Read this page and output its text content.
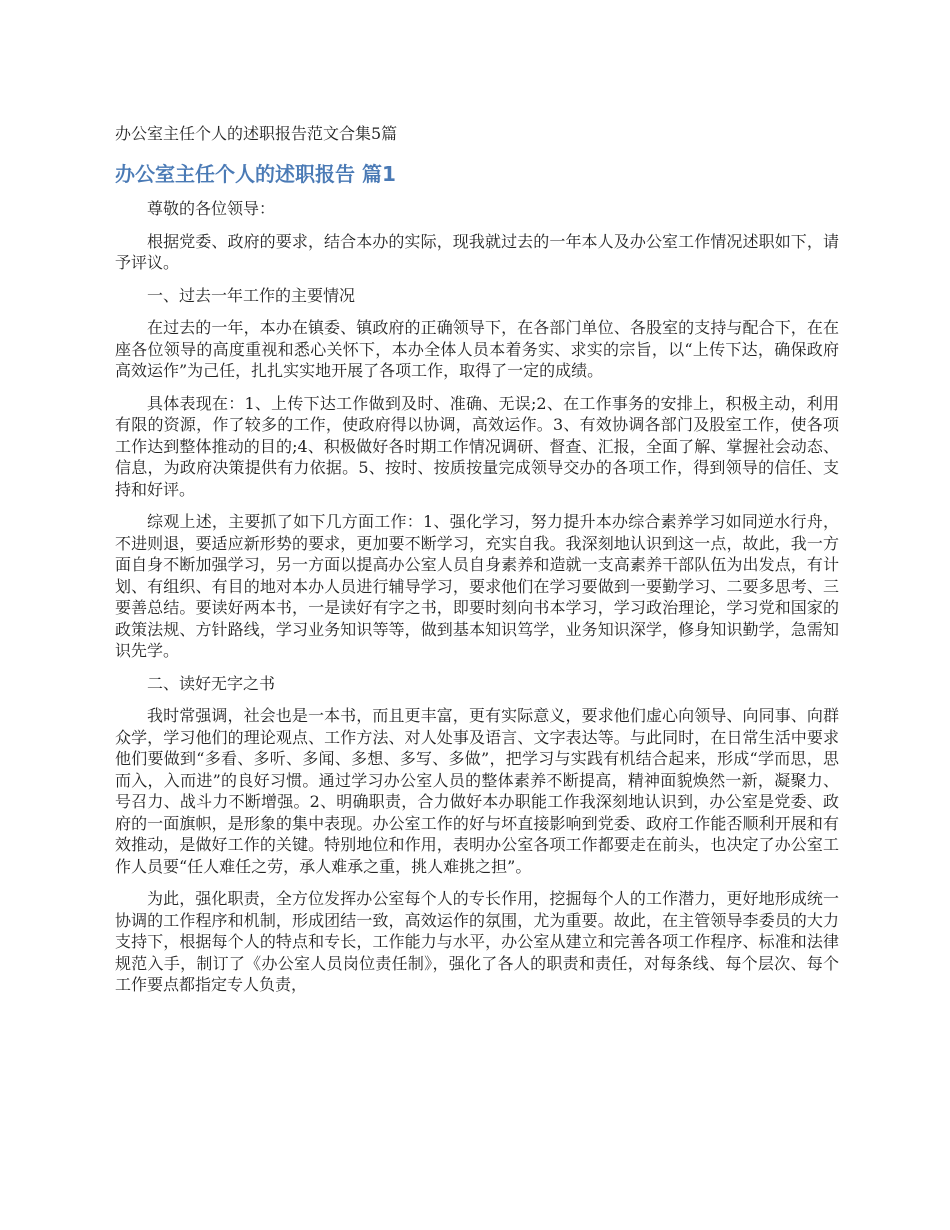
办公室主任个人的述职报告范文合集5篇
办公室主任个人的述职报告 篇1

尊敬的各位领导：

根据党委、政府的要求，结合本办的实际，现我就过去的一年本人及办公室工作情况述职如下，请予评议。

一、过去一年工作的主要情况

在过去的一年，本办在镇委、镇政府的正确领导下，在各部门单位、各股室的支持与配合下，在在座各位领导的高度重视和悉心关怀下，本办全体人员本着务实、求实的宗旨，以“上传下达，确保政府高效运作”为己任，扎扎实实地开展了各项工作，取得了一定的成绩。

具体表现在：1、上传下达工作做到及时、准确、无误;2、在工作事务的安排上，积极主动，利用有限的资源，作了较多的工作，使政府得以协调，高效运作。3、有效协调各部门及股室工作，使各项工作达到整体推动的目的;4、积极做好各时期工作情况调研、督查、汇报，全面了解、掌握社会动态、信息，为政府决策提供有力依据。5、按时、按质按量完成领导交办的各项工作，得到领导的信任、支持和好评。

综观上述，主要抓了如下几方面工作：1、强化学习，努力提升本办综合素养学习如同逆水行舟，不进则退，要适应新形势的要求，更加要不断学习，充实自我。我深刻地认识到这一点，故此，我一方面自身不断加强学习，另一方面以提高办公室人员自身素养和造就一支高素养干部队伍为出发点，有计划、有组织、有目的地对本办人员进行辅导学习，要求他们在学习要做到一要勤学习、二要多思考、三要善总结。要读好两本书，一是读好有字之书，即要时刻向书本学习，学习政治理论，学习党和国家的政策法规、方针路线，学习业务知识等等，做到基本知识笃学，业务知识深学，修身知识勤学，急需知识先学。

二、读好无字之书

我时常强调，社会也是一本书，而且更丰富，更有实际意义，要求他们虚心向领导、向同事、向群众学，学习他们的理论观点、工作方法、对人处事及语言、文字表达等。与此同时，在日常生活中要求他们要做到“多看、多听、多闻、多想、多写、多做”，把学习与实践有机结合起来，形成“学而思，思而入，入而进”的良好习惯。通过学习办公室人员的整体素养不断提高，精神面貌焕然一新，凝聚力、号召力、战斗力不断增强。2、明确职责，合力做好本办职能工作我深刻地认识到，办公室是党委、政府的一面旗帜，是形象的集中表现。办公室工作的好与坏直接影响到党委、政府工作能否顺利开展和有效推动，是做好工作的关键。特别地位和作用，表明办公室各项工作都要走在前头，也决定了办公室工作人员要“任人难任之劳，承人难承之重，挑人难挑之担”。

为此，强化职责，全方位发挥办公室每个人的专长作用，挖掘每个人的工作潜力，更好地形成统一协调的工作程序和机制，形成团结一致，高效运作的氛围，尤为重要。故此，在主管领导李委员的大力支持下，根据每个人的特点和专长，工作能力与水平，办公室从建立和完善各项工作程序、标准和法律规范入手，制订了《办公室人员岗位责任制》，强化了各人的职责和责任，对每条线、每个层次、每个工作要点都指定专人负责，
